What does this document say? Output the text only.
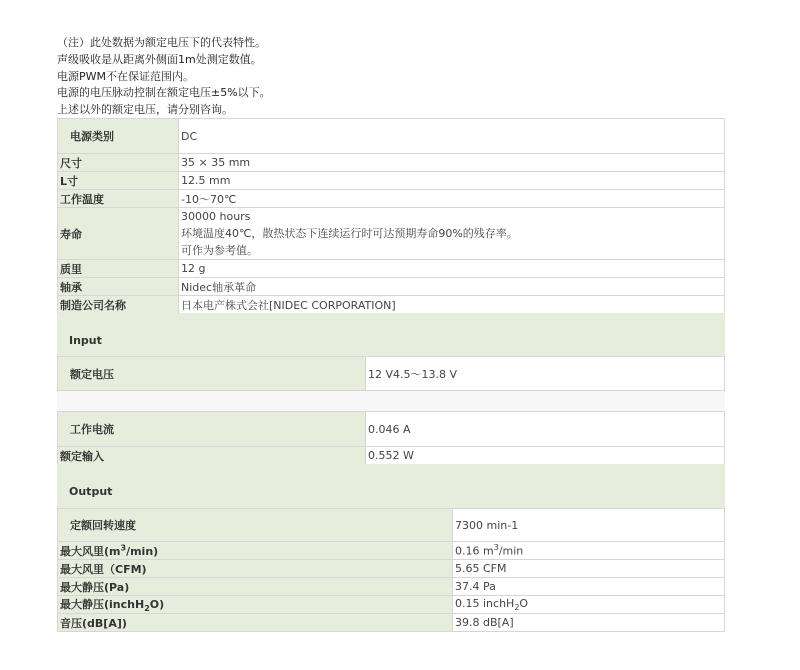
（注）此处数据为额定电压下的代表特性。
声级吸收是从距离外侧面1m处测定数值。
电源PWM不在保证范围内。
电源的电压脉动控制在额定电压±5%以下。
上述以外的额定电压，请分别咨询。
电源类别	DC
尺寸	35 × 35 mm
L寸	12.5 mm
工作温度	-10～70℃
寿命	30000 hours
环境温度40℃，散热状态下连续运行时可达预期寿命90%的残存率。
可作为参考值。

质里	12 g
轴承	Nidec轴承革命
制造公司名称	日本电产株式会社[NIDEC CORPORATION]
Input
额定电压	12 V4.5～13.8 V
工作电流	0.046 A
额定输入	0.552 W
Output
定额回转速度	7300 min-1
最大风里$(m^3/\min)$	0.16 $m^3/\min$
最大风里（CFM)	5.65 CFM
最大静压(Pa)	37.4 Pa
最大静压(inchH$_2$O)	0.15 inchH$_2$O
音压(dB[A])	39.8 dB[A]
